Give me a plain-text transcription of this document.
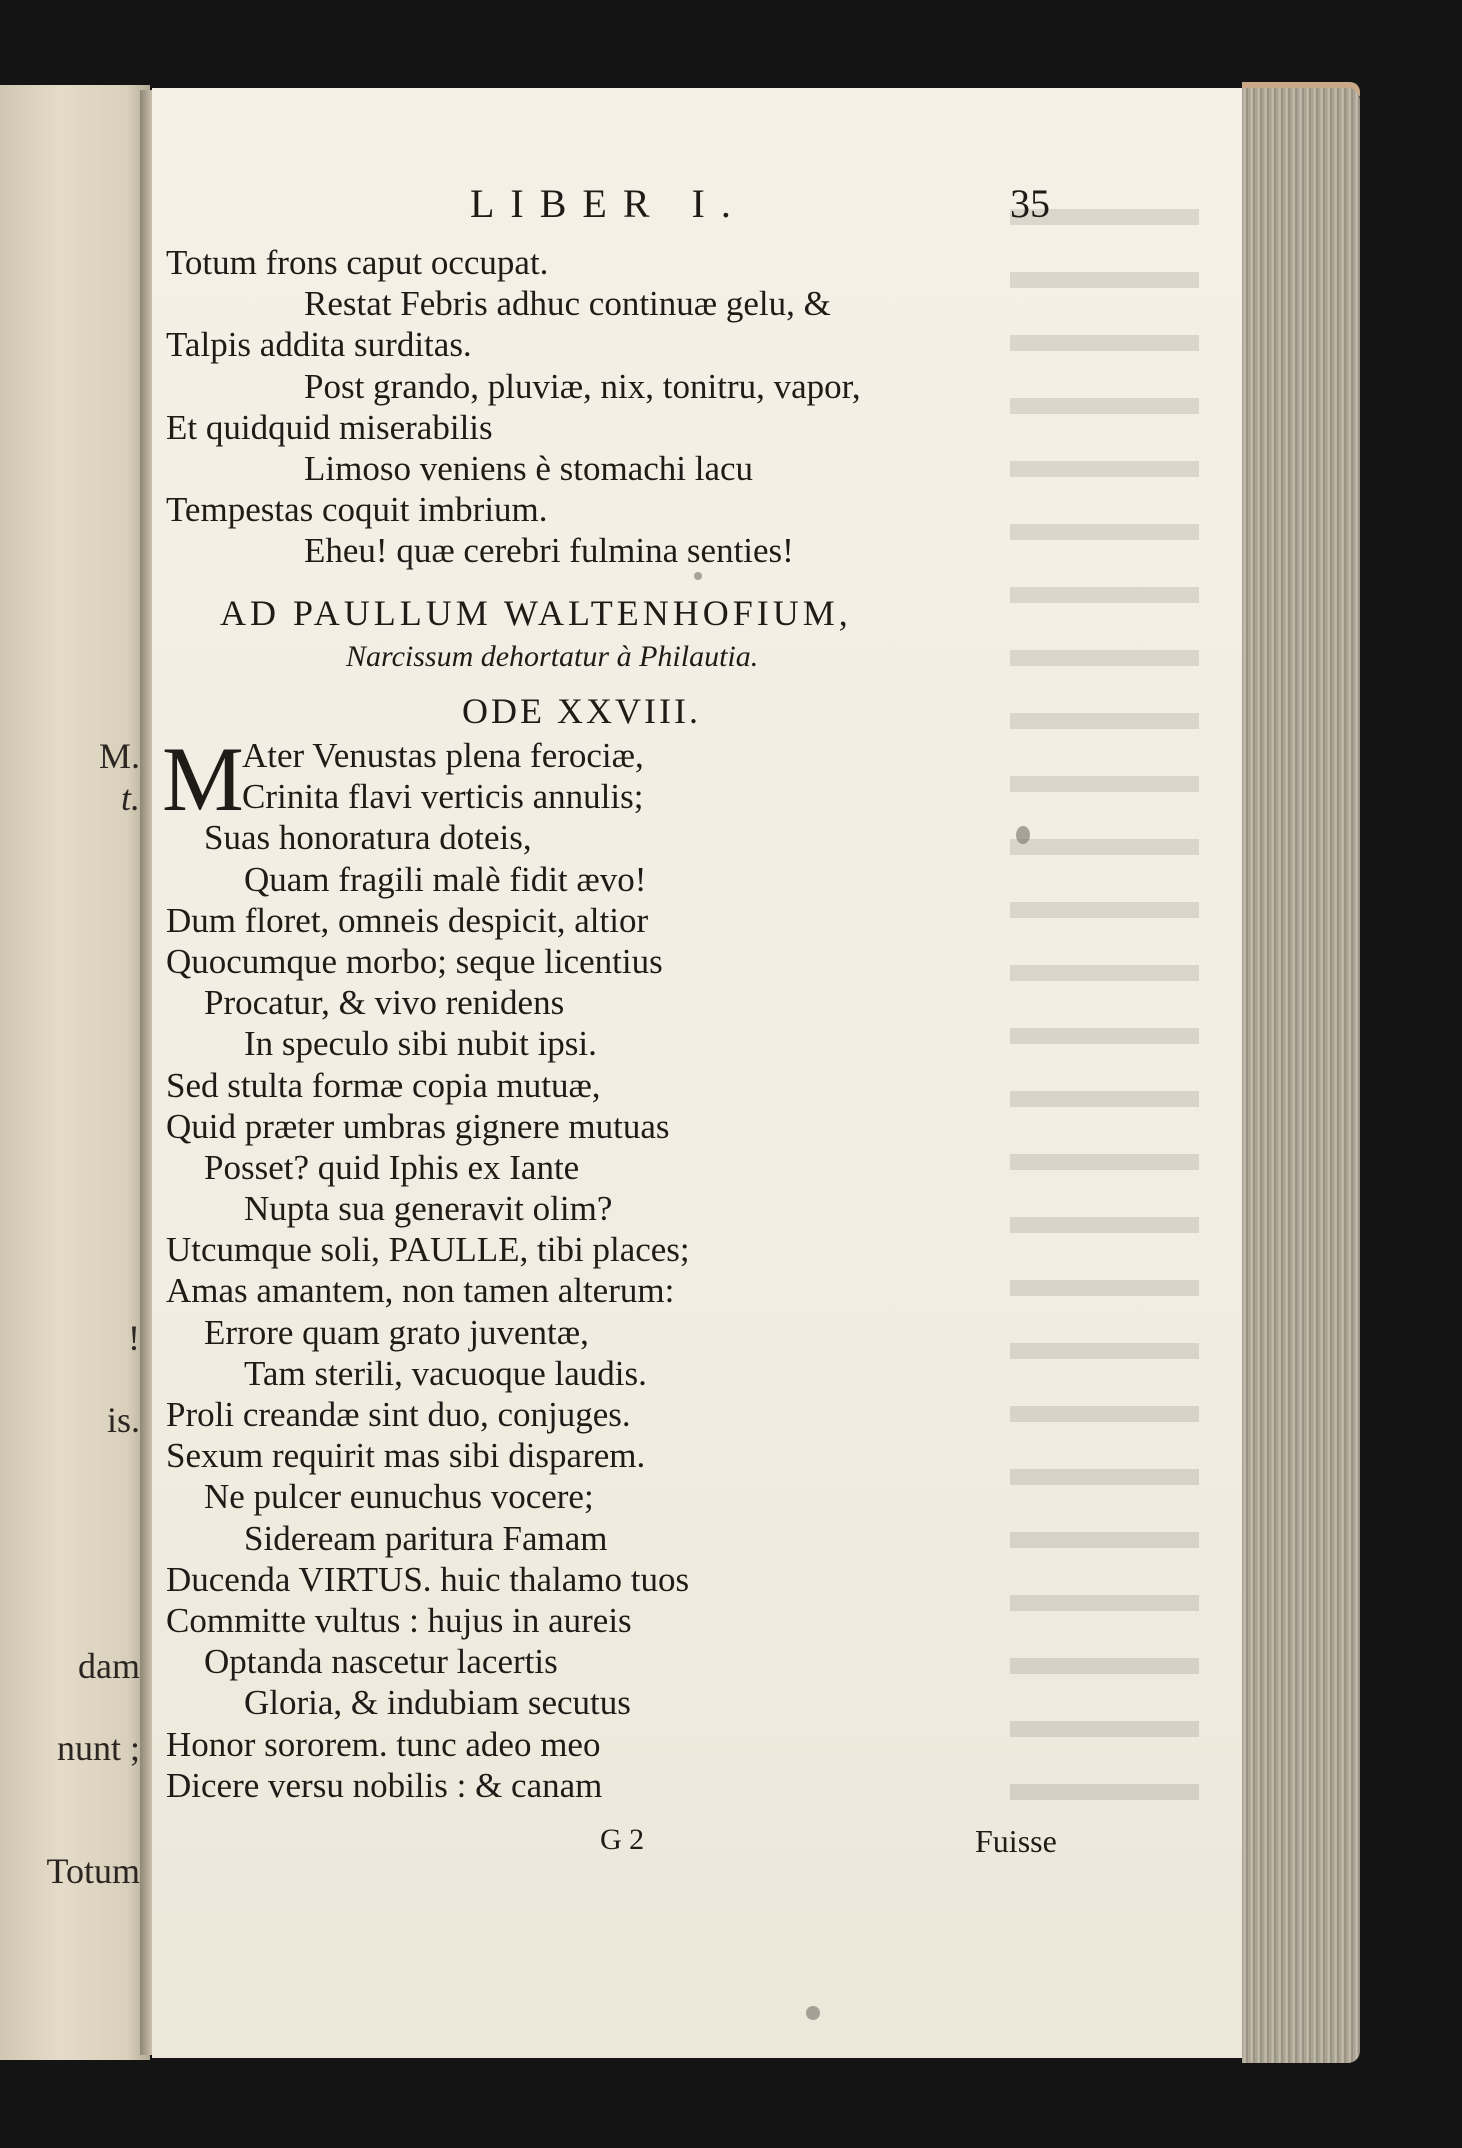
M.
t.
!
is.
dam
nunt ;
Totum
LIBER I.	35
Totum frons caput occupat.
Restat Febris adhuc continuæ gelu, &
Talpis addita surditas.
Post grando, pluviæ, nix, tonitru, vapor,
Et quidquid miserabilis
Limoso veniens è stomachi lacu
Tempestas coquit imbrium.
Eheu! quæ cerebri fulmina senties!
AD PAULLUM WALTENHOFIUM,
Narcissum dehortatur à Philautia.
ODE XXVIII.
M
Ater Venustas plena ferociæ,
Crinita flavi verticis annulis;
Suas honoratura doteis,
Quam fragili malè fidit ævo!
Dum floret, omneis despicit, altior
Quocumque morbo; seque licentius
Procatur, & vivo renidens
In speculo sibi nubit ipsi.
Sed stulta formæ copia mutuæ,
Quid præter umbras gignere mutuas
Posset? quid Iphis ex Iante
Nupta sua generavit olim?
Utcumque soli, PAULLE, tibi places;
Amas amantem, non tamen alterum:
Errore quam grato juventæ,
Tam sterili, vacuoque laudis.
Proli creandæ sint duo, conjuges.
Sexum requirit mas sibi disparem.
Ne pulcer eunuchus vocere;
Sideream paritura Famam
Ducenda VIRTUS. huic thalamo tuos
Committe vultus : hujus in aureis
Optanda nascetur lacertis
Gloria, & indubiam secutus
Honor sororem. tunc adeo meo
Dicere versu nobilis : & canam
G 2	Fuisse
